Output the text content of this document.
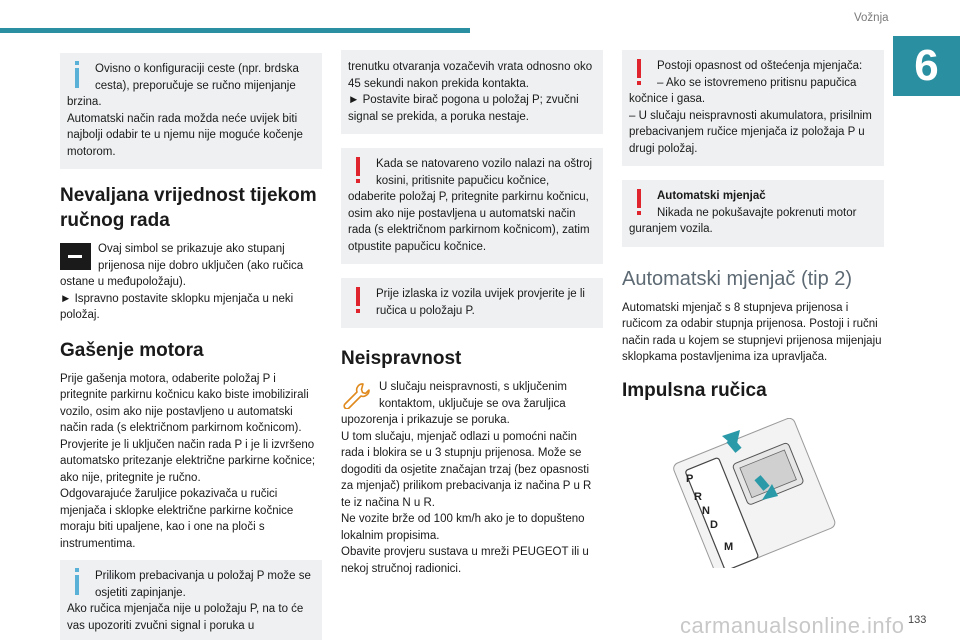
Vožnja
6

Ovisno o konfiguraciji ceste (npr. brdska cesta), preporučuje se ručno mijenjanje brzina.

Automatski način rada možda neće uvijek biti najbolji odabir te u njemu nije moguće kočenje motorom.

Nevaljana vrijednost tijekom ručnog rada
Ovaj simbol se prikazuje ako stupanj prijenosa nije dobro uključen (ako ručica ostane u međupoložaju).
► Ispravno postavite sklopku mjenjača u neki položaj.
Gašenje motora
Prije gašenja motora, odaberite položaj P i pritegnite parkirnu kočnicu kako biste imobilizirali vozilo, osim ako nije postavljeno u automatski način rada (s električnom parkirnom kočnicom).
Provjerite je li uključen način rada P i je li izvršeno automatsko pritezanje električne parkirne kočnice; ako nije, pritegnite je ručno.
Odgovarajuće žaruljice pokazivača u ručici mjenjača i sklopke električne parkirne kočnice moraju biti upaljene, kao i one na ploči s instrumentima.

Prilikom prebacivanja u položaj P može se osjetiti zapinjanje.

Ako ručica mjenjača nije u položaju P, na to će vas upozoriti zvučni signal i poruka u

trenutku otvaranja vozačevih vrata odnosno oko 45 sekundi nakon prekida kontakta.

► Postavite birač pogona u položaj P; zvučni signal se prekida, a poruka nestaje.

Kada se natovareno vozilo nalazi na oštroj kosini, pritisnite papučicu kočnice, odaberite položaj P, pritegnite parkirnu kočnicu, osim ako nije postavljena u automatski način rada (s električnom parkirnom kočnicom), zatim otpustite papučicu kočnice.

Prije izlaska iz vozila uvijek provjerite je li ručica u položaju P.

Neispravnost
U slučaju neispravnosti, s uključenim kontaktom, uključuje se ova žaruljica upozorenja i prikazuje se poruka.
U tom slučaju, mjenjač odlazi u pomoćni način rada i blokira se u 3 stupnju prijenosa. Može se dogoditi da osjetite značajan trzaj (bez opasnosti za mjenjač) prilikom prebacivanja iz načina P u R te iz načina N u R.
Ne vozite brže od 100 km/h ako je to dopušteno lokalnim propisima.
Obavite provjeru sustava u mreži PEUGEOT ili u nekoj stručnoj radionici.

Postoji opasnost od oštećenja mjenjača:

– Ako se istovremeno pritisnu papučica kočnice i gasa.

– U slučaju neispravnosti akumulatora, prisilnim prebacivanjem ručice mjenjača iz položaja P u drugi položaj.

Automatski mjenjač

Nikada ne pokušavajte pokrenuti motor guranjem vozila.

Automatski mjenjač (tip 2)
Automatski mjenjač s 8 stupnjeva prijenosa i ručicom za odabir stupnja prijenosa. Postoji i ručni način rada u kojem se stupnjevi prijenosa mijenjaju sklopkama postavljenima iza upravljača.
Impulsna ručica
P
R
N
D
M
carmanualsonline.info 133
